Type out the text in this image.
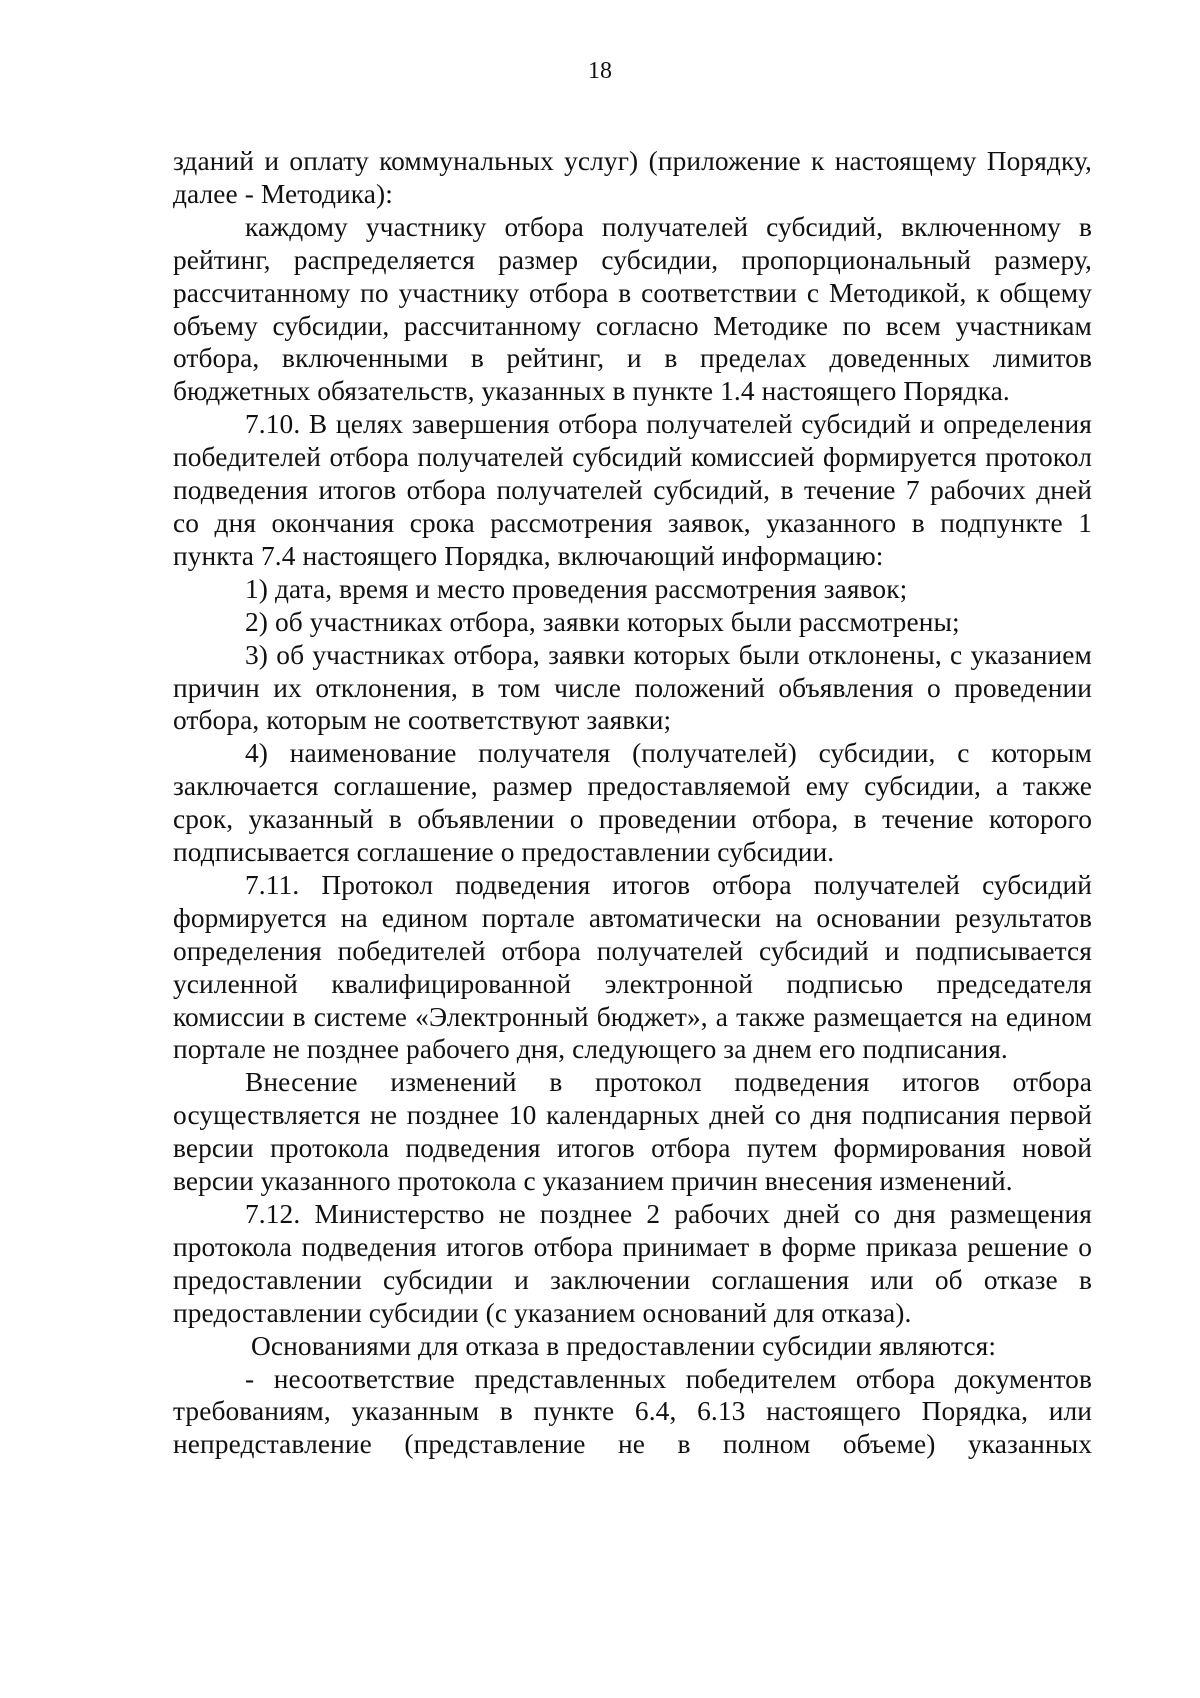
18

зданий и оплату коммунальных услуг) (приложение к настоящему Порядку, далее - Методика):

каждому участнику отбора получателей субсидий, включенному в рейтинг, распределяется размер субсидии, пропорциональный размеру, рассчитанному по участнику отбора в соответствии с Методикой, к общему объему субсидии, рассчитанному согласно Методике по всем участникам отбора, включенными в рейтинг, и в пределах доведенных лимитов бюджетных обязательств, указанных в пункте 1.4 настоящего Порядка.

7.10. В целях завершения отбора получателей субсидий и определения победителей отбора получателей субсидий комиссией формируется протокол подведения итогов отбора получателей субсидий, в течение 7 рабочих дней со дня окончания срока рассмотрения заявок, указанного в подпункте 1 пункта 7.4 настоящего Порядка, включающий информацию:

1) дата, время и место проведения рассмотрения заявок;

2) об участниках отбора, заявки которых были рассмотрены;

3) об участниках отбора, заявки которых были отклонены, с указанием причин их отклонения, в том числе положений объявления о проведении отбора, которым не соответствуют заявки;

4) наименование получателя (получателей) субсидии, с которым заключается соглашение, размер предоставляемой ему субсидии, а также срок, указанный в объявлении о проведении отбора, в течение которого подписывается соглашение о предоставлении субсидии.

7.11. Протокол подведения итогов отбора получателей субсидий формируется на едином портале автоматически на основании результатов определения победителей отбора получателей субсидий и подписывается усиленной квалифицированной электронной подписью председателя комиссии в системе «Электронный бюджет», а также размещается на едином портале не позднее рабочего дня, следующего за днем его подписания.

Внесение изменений в протокол подведения итогов отбора осуществляется не позднее 10 календарных дней со дня подписания первой версии протокола подведения итогов отбора путем формирования новой версии указанного протокола с указанием причин внесения изменений.

7.12. Министерство не позднее 2 рабочих дней со дня размещения протокола подведения итогов отбора принимает в форме приказа решение о предоставлении субсидии и заключении соглашения или об отказе в предоставлении субсидии (с указанием оснований для отказа).

Основаниями для отказа в предоставлении субсидии являются:

- несоответствие представленных победителем отбора документов требованиям, указанным в пункте 6.4, 6.13 настоящего Порядка, или непредставление (представление не в полном объеме) указанных
